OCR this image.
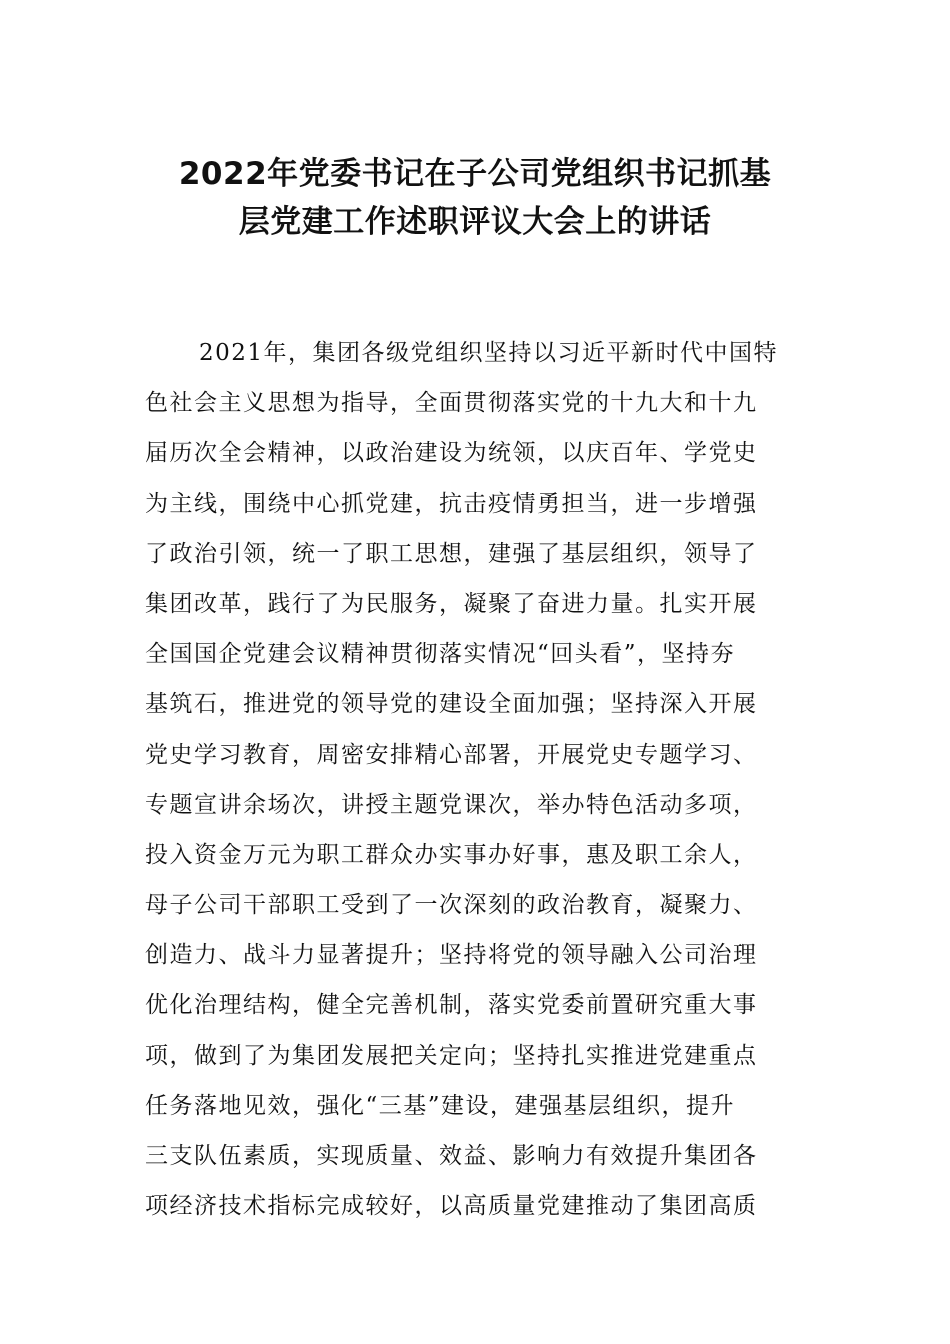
2022年党委书记在子公司党组织书记抓基
层党建工作述职评议大会上的讲话
2021年，集团各级党组织坚持以习近平新时代中国特
色社会主义思想为指导，全面贯彻落实党的十九大和十九
届历次全会精神，以政治建设为统领，以庆百年、学党史
为主线，围绕中心抓党建，抗击疫情勇担当，进一步增强
了政治引领，统一了职工思想，建强了基层组织，领导了
集团改革，践行了为民服务，凝聚了奋进力量。扎实开展
全国国企党建会议精神贯彻落实情况“回头看”，坚持夯
基筑石，推进党的领导党的建设全面加强；坚持深入开展
党史学习教育，周密安排精心部署，开展党史专题学习、
专题宣讲余场次，讲授主题党课次，举办特色活动多项，
投入资金万元为职工群众办实事办好事，惠及职工余人，
母子公司干部职工受到了一次深刻的政治教育，凝聚力、
创造力、战斗力显著提升；坚持将党的领导融入公司治理
优化治理结构，健全完善机制，落实党委前置研究重大事
项，做到了为集团发展把关定向；坚持扎实推进党建重点
任务落地见效，强化“三基”建设，建强基层组织，提升
三支队伍素质，实现质量、效益、影响力有效提升集团各
项经济技术指标完成较好，以高质量党建推动了集团高质
